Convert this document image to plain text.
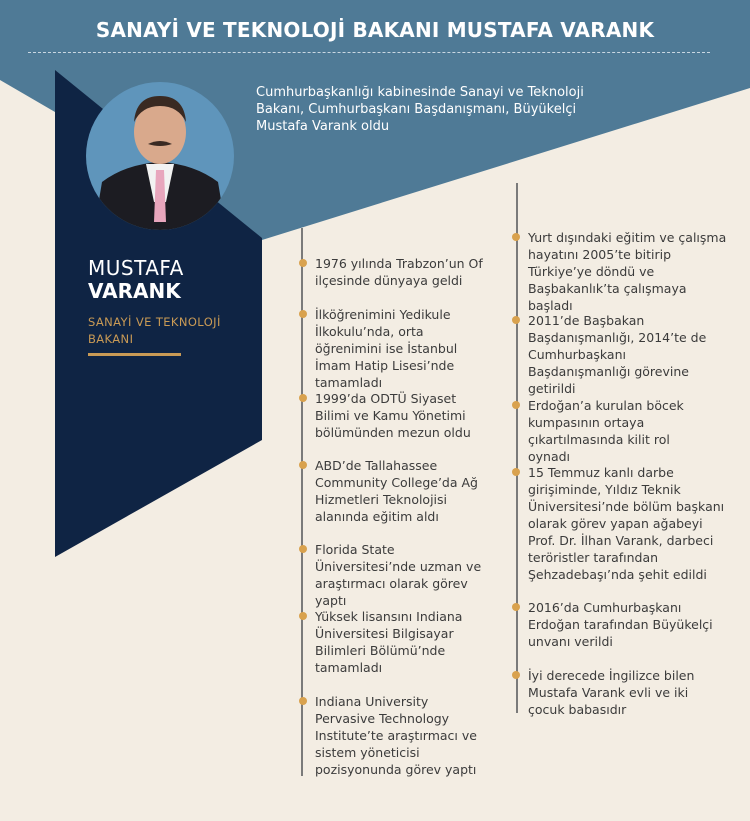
SANAYİ VE TEKNOLOJİ BAKANI MUSTAFA VARANK
Cumhurbaşkanlığı kabinesinde Sanayi ve Teknoloji Bakanı, Cumhurbaşkanı Başdanışmanı, Büyükelçi Mustafa Varank oldu
MUSTAFA
VARANK
SANAYİ VE TEKNOLOJİ BAKANI
1976 yılında Trabzon’un Of ilçesinde dünyaya geldi
İlköğrenimini Yedikule İlkokulu’nda, orta öğrenimini ise İstanbul İmam Hatip Lisesi’nde tamamladı
1999’da ODTÜ Siyaset Bilimi ve Kamu Yönetimi bölümünden mezun oldu
ABD’de Tallahassee Community College’da Ağ Hizmetleri Teknolojisi alanında eğitim aldı
Florida State Üniversitesi’nde uzman ve araştırmacı olarak görev yaptı
Yüksek lisansını Indiana Üniversitesi Bilgisayar Bilimleri Bölümü’nde tamamladı
Indiana University Pervasive Technology Institute’te araştırmacı ve sistem yöneticisi pozisyonunda görev yaptı
Yurt dışındaki eğitim ve çalışma hayatını 2005’te bitirip Türkiye’ye döndü ve Başbakanlık’ta çalışmaya başladı
2011’de Başbakan Başdanışmanlığı, 2014’te de Cumhurbaşkanı Başdanışmanlığı görevine getirildi
Erdoğan’a kurulan böcek kumpasının ortaya çıkartılmasında kilit rol oynadı
15 Temmuz kanlı darbe girişiminde, Yıldız Teknik Üniversitesi’nde bölüm başkanı olarak görev yapan ağabeyi Prof. Dr. İlhan Varank, darbeci teröristler tarafından Şehzadebaşı’nda şehit edildi
2016’da Cumhurbaşkanı Erdoğan tarafından Büyükelçi unvanı verildi
İyi derecede İngilizce bilen Mustafa Varank evli ve iki çocuk babasıdır
